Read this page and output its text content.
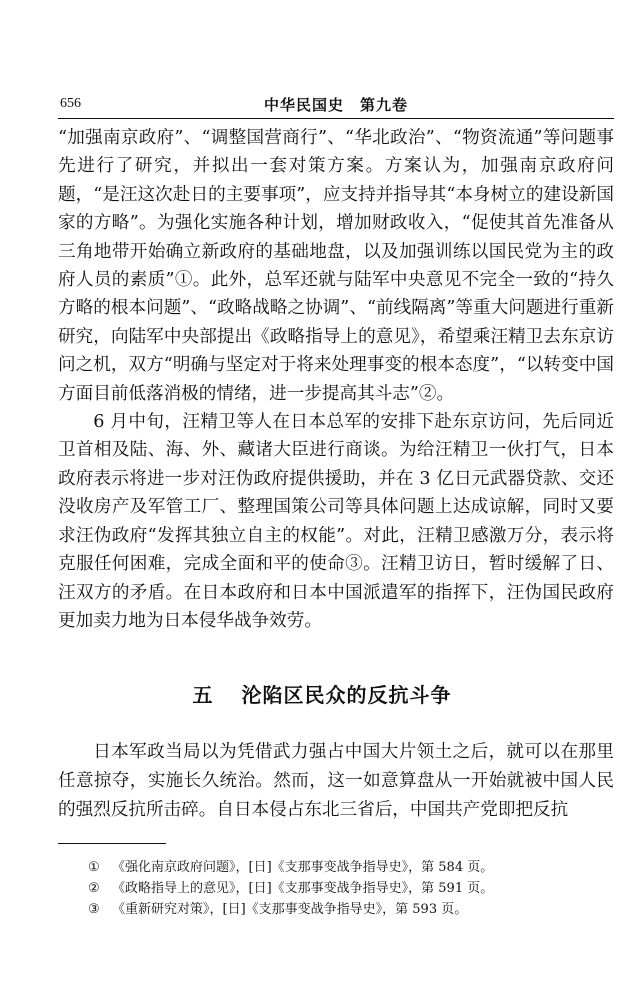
656	中华民国史　第九卷

“加强南京政府”、“调整国营商行”、“华北政治”、“物资流通”等问题事先进行了研究，并拟出一套对策方案。方案认为，加强南京政府问题，“是汪这次赴日的主要事项”，应支持并指导其“本身树立的建设新国家的方略”。为强化实施各种计划，增加财政收入，“促使其首先准备从三角地带开始确立新政府的基础地盘，以及加强训练以国民党为主的政府人员的素质”①。此外，总军还就与陆军中央意见不完全一致的“持久方略的根本问题”、“政略战略之协调”、“前线隔离”等重大问题进行重新研究，向陆军中央部提出《政略指导上的意见》，希望乘汪精卫去东京访问之机，双方“明确与坚定对于将来处理事变的根本态度”，“以转变中国方面目前低落消极的情绪，进一步提高其斗志”②。

6 月中旬，汪精卫等人在日本总军的安排下赴东京访问，先后同近卫首相及陆、海、外、藏诸大臣进行商谈。为给汪精卫一伙打气，日本政府表示将进一步对汪伪政府提供援助，并在 3 亿日元武器贷款、交还没收房产及军管工厂、整理国策公司等具体问题上达成谅解，同时又要求汪伪政府“发挥其独立自主的权能”。对此，汪精卫感激万分，表示将克服任何困难，完成全面和平的使命③。汪精卫访日，暂时缓解了日、汪双方的矛盾。在日本政府和日本中国派遣军的指挥下，汪伪国民政府更加卖力地为日本侵华战争效劳。

五 沦陷区民众的反抗斗争

日本军政当局以为凭借武力强占中国大片领土之后，就可以在那里任意掠夺，实施长久统治。然而，这一如意算盘从一开始就被中国人民的强烈反抗所击碎。自日本侵占东北三省后，中国共产党即把反抗

① 《强化南京政府问题》，[日]《支那事变战争指导史》，第 584 页。
② 《政略指导上的意见》，[日]《支那事变战争指导史》，第 591 页。
③ 《重新研究对策》，[日]《支那事变战争指导史》，第 593 页。
